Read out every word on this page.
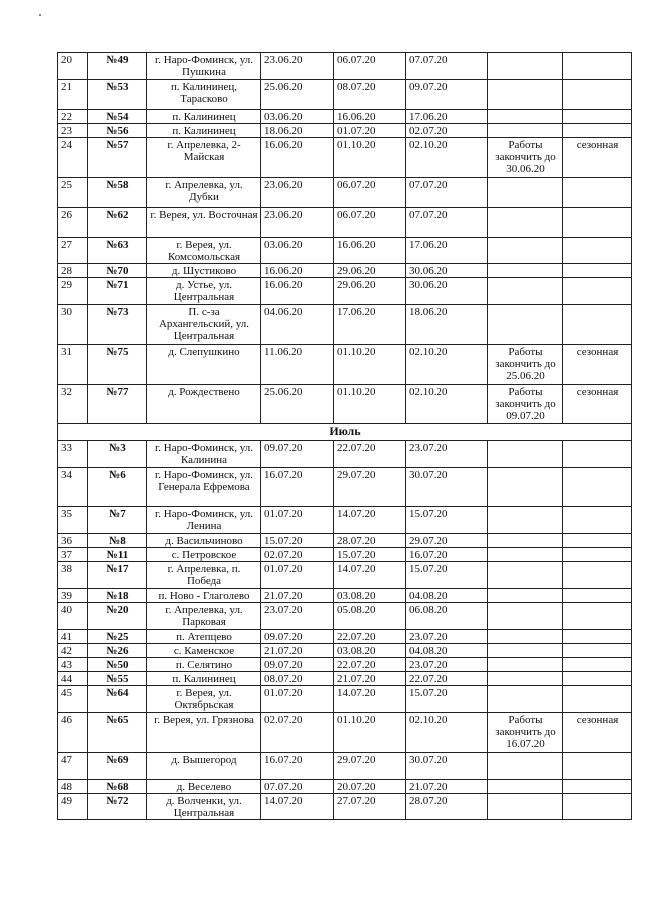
20	№49	г. Наро-Фоминск, ул. Пушкина	23.06.20	06.07.20	07.07.20		
21	№53	п. Калининец, Тарасково	25.06.20	08.07.20	09.07.20		
22	№54	п. Калининец	03.06.20	16.06.20	17.06.20		
23	№56	п. Калининец	18.06.20	01.07.20	02.07.20		
24	№57	г. Апрелевка, 2-Майская	16.06.20	01.10.20	02.10.20	Работы закончить до 30.06.20	сезонная
25	№58	г. Апрелевка, ул. Дубки	23.06.20	06.07.20	07.07.20		
26	№62	г. Верея, ул. Восточная	23.06.20	06.07.20	07.07.20		
27	№63	г. Верея, ул. Комсомольская	03.06.20	16.06.20	17.06.20		
28	№70	д. Шустиково	16.06.20	29.06.20	30.06.20		
29	№71	д. Устье, ул. Центральная	16.06.20	29.06.20	30.06.20		
30	№73	П. с-за Архангельский, ул. Центральная	04.06.20	17.06.20	18.06.20		
31	№75	д. Слепушкино	11.06.20	01.10.20	02.10.20	Работы закончить до 25.06.20	сезонная
32	№77	д. Рождествено	25.06.20	01.10.20	02.10.20	Работы закончить до 09.07.20	сезонная
Июль							
33	№3	г. Наро-Фоминск, ул. Калинина	09.07.20	22.07.20	23.07.20		
34	№6	г. Наро-Фоминск, ул. Генерала Ефремова	16.07.20	29.07.20	30.07.20		
35	№7	г. Наро-Фоминск, ул. Ленина	01.07.20	14.07.20	15.07.20		
36	№8	д. Васильчиново	15.07.20	28.07.20	29.07.20		
37	№11	с. Петровское	02.07.20	15.07.20	16.07.20		
38	№17	г. Апрелевка, п. Победа	01.07.20	14.07.20	15.07.20		
39	№18	п. Ново - Глаголево	21.07.20	03.08.20	04.08.20		
40	№20	г. Апрелевка, ул. Парковая	23.07.20	05.08.20	06.08.20		
41	№25	п. Атепцево	09.07.20	22.07.20	23.07.20		
42	№26	с. Каменское	21.07.20	03.08.20	04.08.20		
43	№50	п. Селятино	09.07.20	22.07.20	23.07.20		
44	№55	п. Калининец	08.07.20	21.07.20	22.07.20		
45	№64	г. Верея, ул. Октябрьская	01.07.20	14.07.20	15.07.20		
46	№65	г. Верея, ул. Грязнова	02.07.20	01.10.20	02.10.20	Работы закончить до 16.07.20	сезонная
47	№69	д. Вышегород	16.07.20	29.07.20	30.07.20		
48	№68	д. Веселево	07.07.20	20.07.20	21.07.20		
49	№72	д. Волченки, ул. Центральная	14.07.20	27.07.20	28.07.20		
